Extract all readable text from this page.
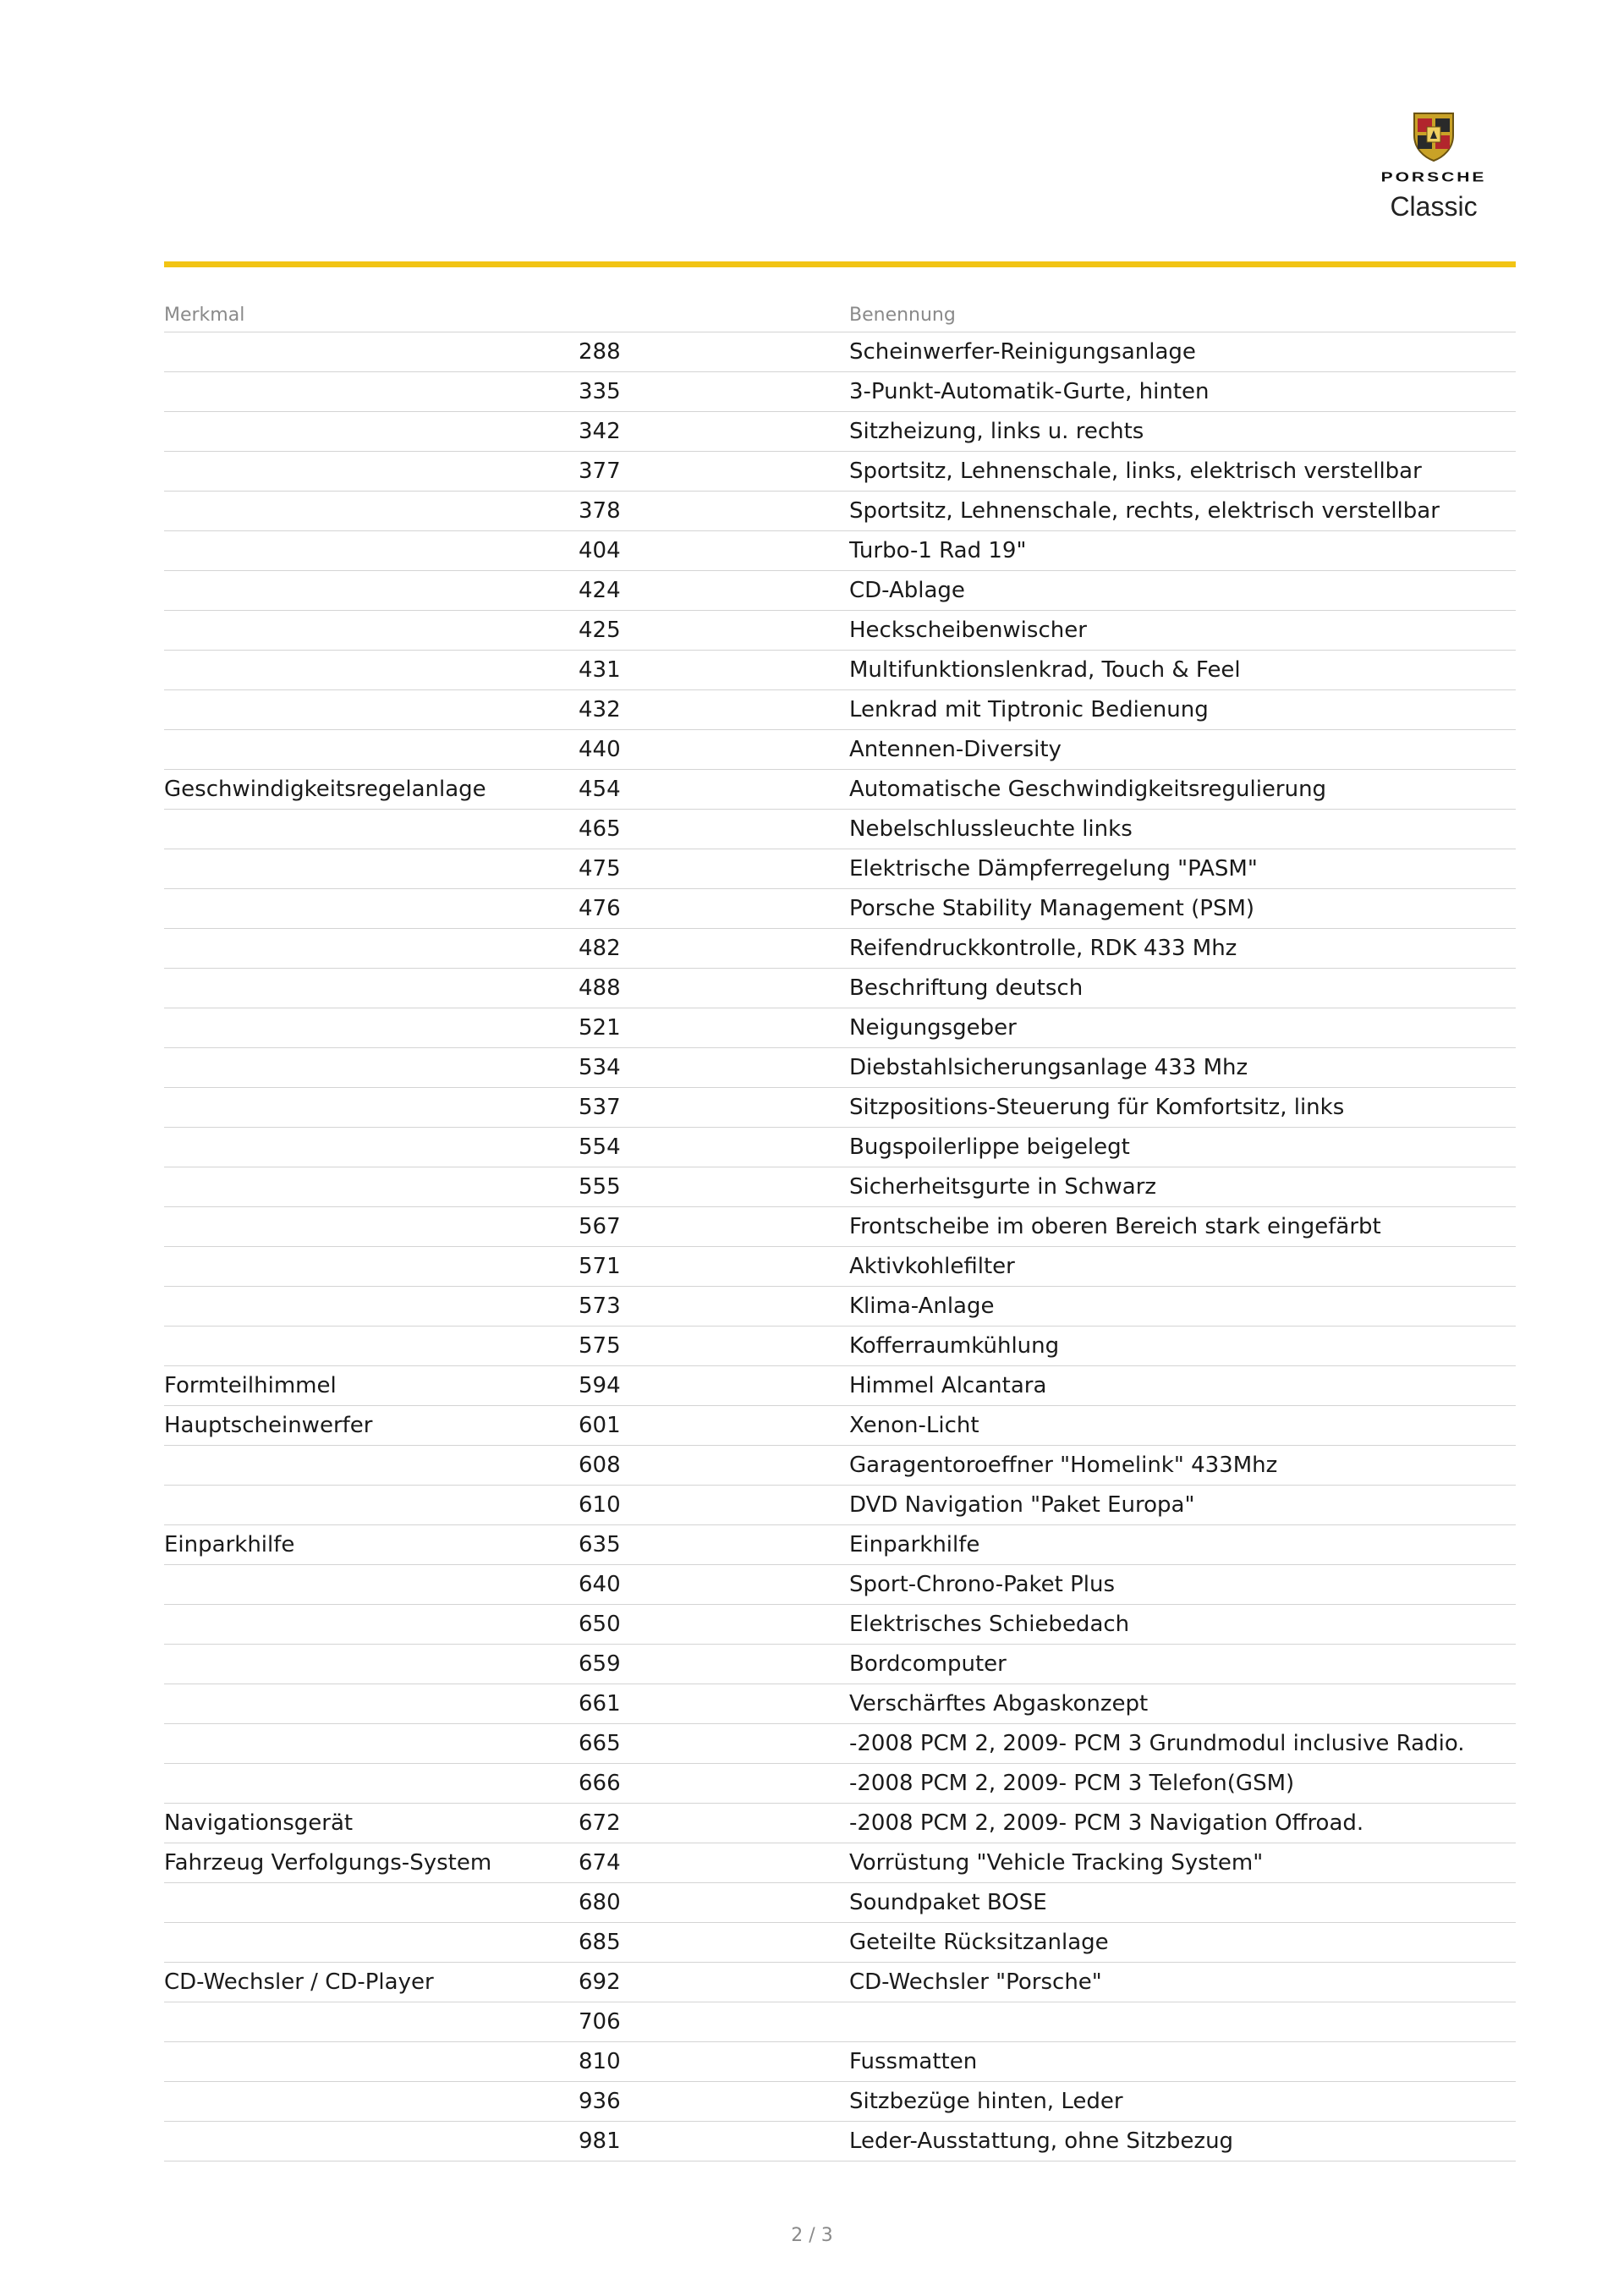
PORSCHE
Classic
Merkmal	Benennung
288	Scheinwerfer-Reinigungsanlage
335	3-Punkt-Automatik-Gurte, hinten
342	Sitzheizung, links u. rechts
377	Sportsitz, Lehnenschale, links, elektrisch verstellbar
378	Sportsitz, Lehnenschale, rechts, elektrisch verstellbar
404	Turbo-1 Rad 19"
424	CD-Ablage
425	Heckscheibenwischer
431	Multifunktionslenkrad, Touch & Feel
432	Lenkrad mit Tiptronic Bedienung
440	Antennen-Diversity
Geschwindigkeitsregelanlage	454	Automatische Geschwindigkeitsregulierung
465	Nebelschlussleuchte links
475	Elektrische Dämpferregelung "PASM"
476	Porsche Stability Management (PSM)
482	Reifendruckkontrolle, RDK 433 Mhz
488	Beschriftung deutsch
521	Neigungsgeber
534	Diebstahlsicherungsanlage 433 Mhz
537	Sitzpositions-Steuerung für Komfortsitz, links
554	Bugspoilerlippe beigelegt
555	Sicherheitsgurte in Schwarz
567	Frontscheibe im oberen Bereich stark eingefärbt
571	Aktivkohlefilter
573	Klima-Anlage
575	Kofferraumkühlung
Formteilhimmel	594	Himmel Alcantara
Hauptscheinwerfer	601	Xenon-Licht
608	Garagentoroeffner "Homelink" 433Mhz
610	DVD Navigation "Paket Europa"
Einparkhilfe	635	Einparkhilfe
640	Sport-Chrono-Paket Plus
650	Elektrisches Schiebedach
659	Bordcomputer
661	Verschärftes Abgaskonzept
665	-2008 PCM 2, 2009- PCM 3 Grundmodul inclusive Radio.
666	-2008 PCM 2, 2009- PCM 3 Telefon(GSM)
Navigationsgerät	672	-2008 PCM 2, 2009- PCM 3 Navigation Offroad.
Fahrzeug Verfolgungs-System	674	Vorrüstung "Vehicle Tracking System"
680	Soundpaket BOSE
685	Geteilte Rücksitzanlage
CD-Wechsler / CD-Player	692	CD-Wechsler "Porsche"
706
810	Fussmatten
936	Sitzbezüge hinten, Leder
981	Leder-Ausstattung, ohne Sitzbezug
2 / 3
